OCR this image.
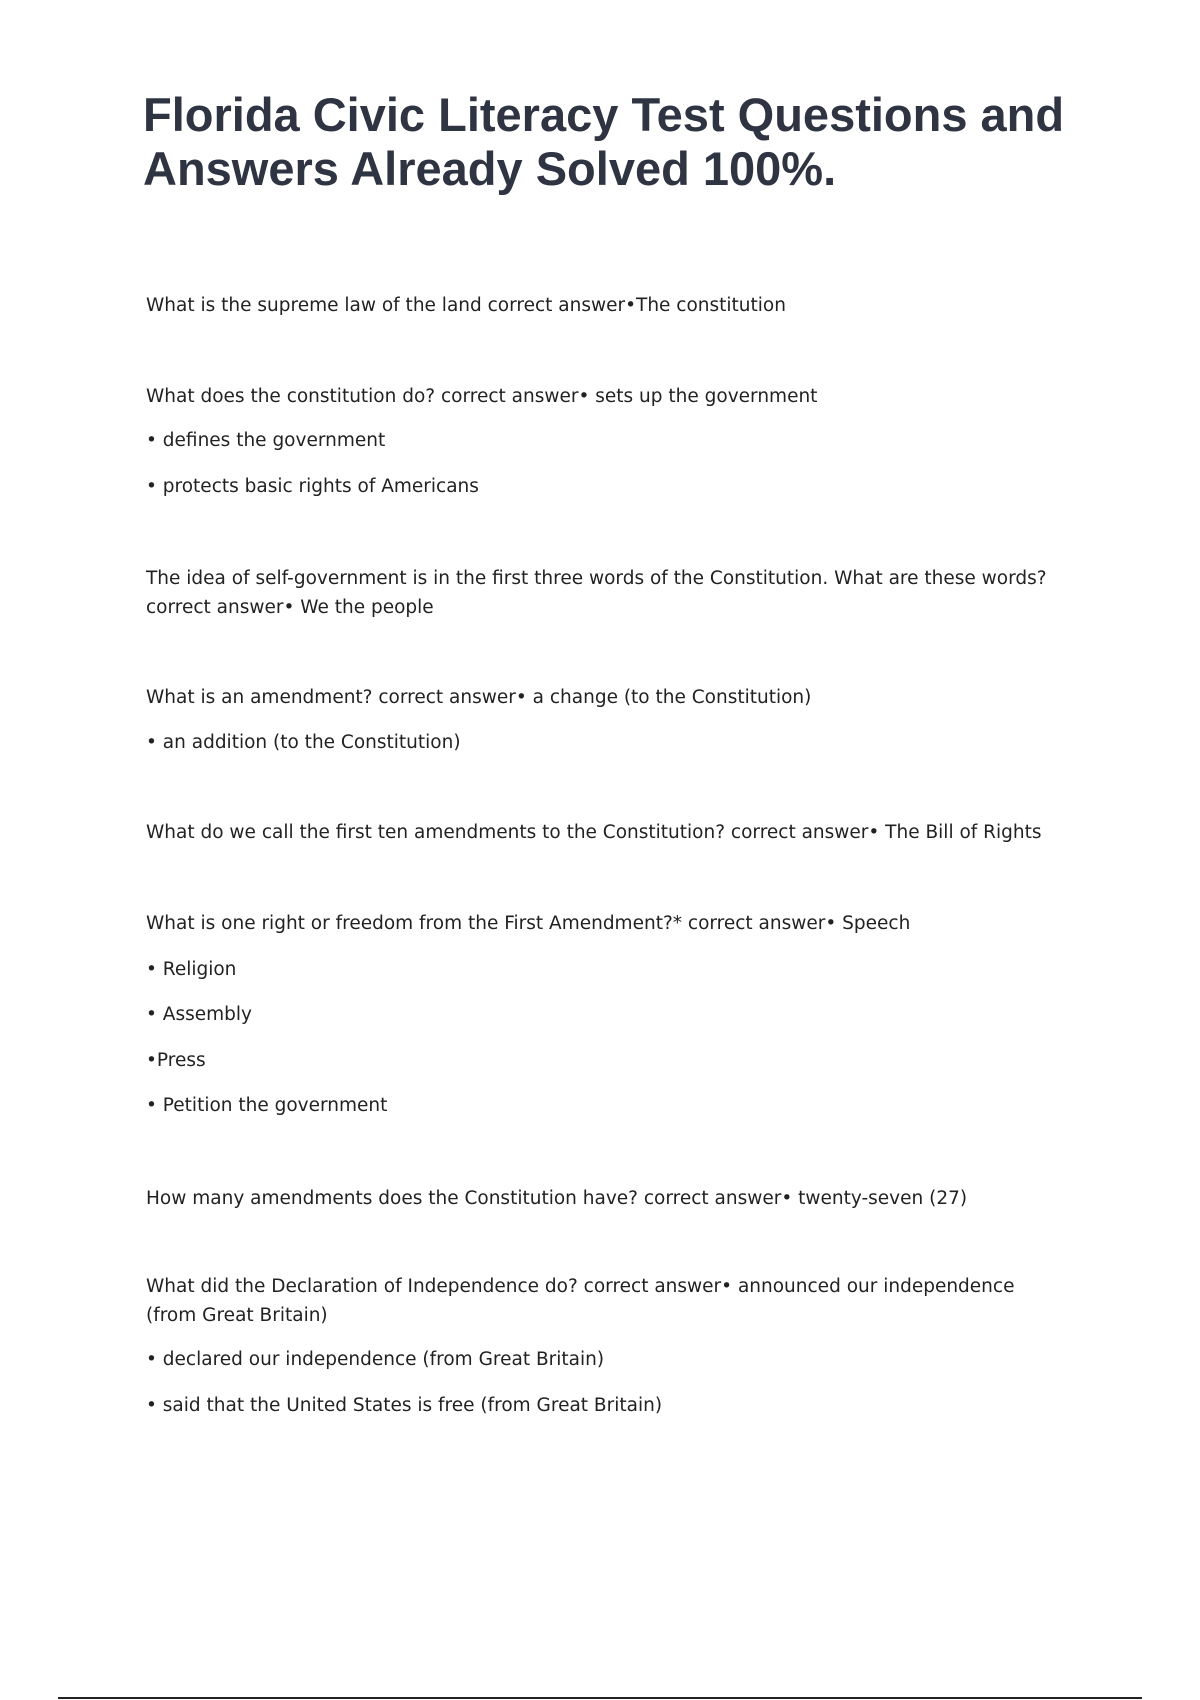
Florida Civic Literacy Test Questions and Answers Already Solved 100%.

What is the supreme law of the land correct answer•The constitution

What does the constitution do? correct answer• sets up the government

• defines the government

• protects basic rights of Americans

The idea of self-government is in the first three words of the Constitution. What are these words? correct answer• We the people

What is an amendment? correct answer• a change (to the Constitution)

• an addition (to the Constitution)

What do we call the first ten amendments to the Constitution? correct answer• The Bill of Rights

What is one right or freedom from the First Amendment?* correct answer• Speech

• Religion

• Assembly

•Press

• Petition the government

How many amendments does the Constitution have? correct answer• twenty-seven (27)

What did the Declaration of Independence do? correct answer• announced our independence (from Great Britain)

• declared our independence (from Great Britain)

• said that the United States is free (from Great Britain)
